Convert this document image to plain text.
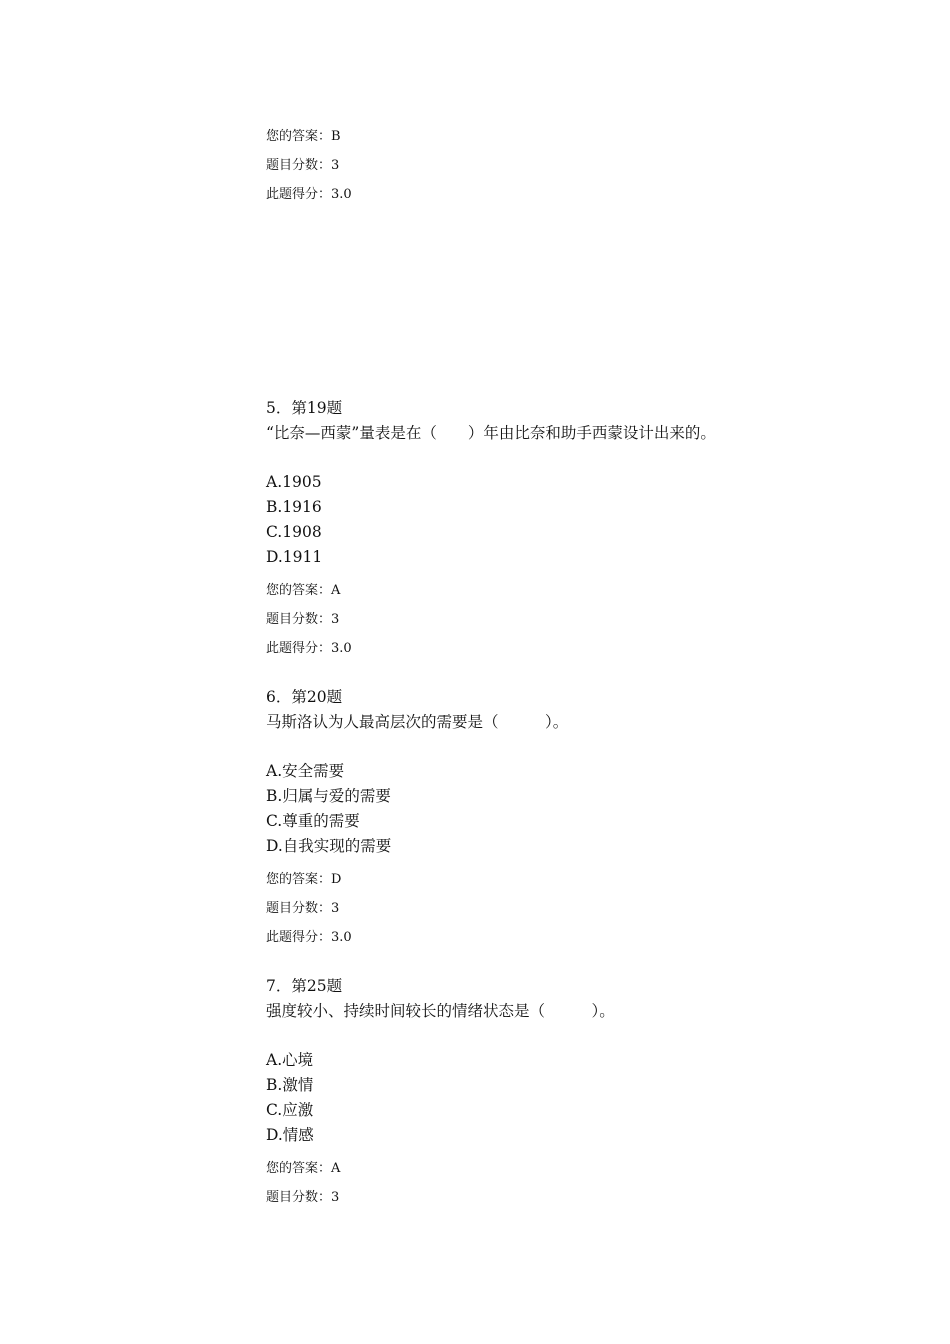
您的答案：B
题目分数：3
此题得分：3.0
5．第19题
“比奈—西蒙”量表是在（　　）年由比奈和助手西蒙设计出来的。
A.1905
B.1916
C.1908
D.1911
您的答案：A
题目分数：3
此题得分：3.0
6．第20题
马斯洛认为人最高层次的需要是（　　　）。
A.安全需要
B.归属与爱的需要
C.尊重的需要
D.自我实现的需要
您的答案：D
题目分数：3
此题得分：3.0
7．第25题
强度较小、持续时间较长的情绪状态是（　　　）。
A.心境
B.激情
C.应激
D.情感
您的答案：A
题目分数：3
